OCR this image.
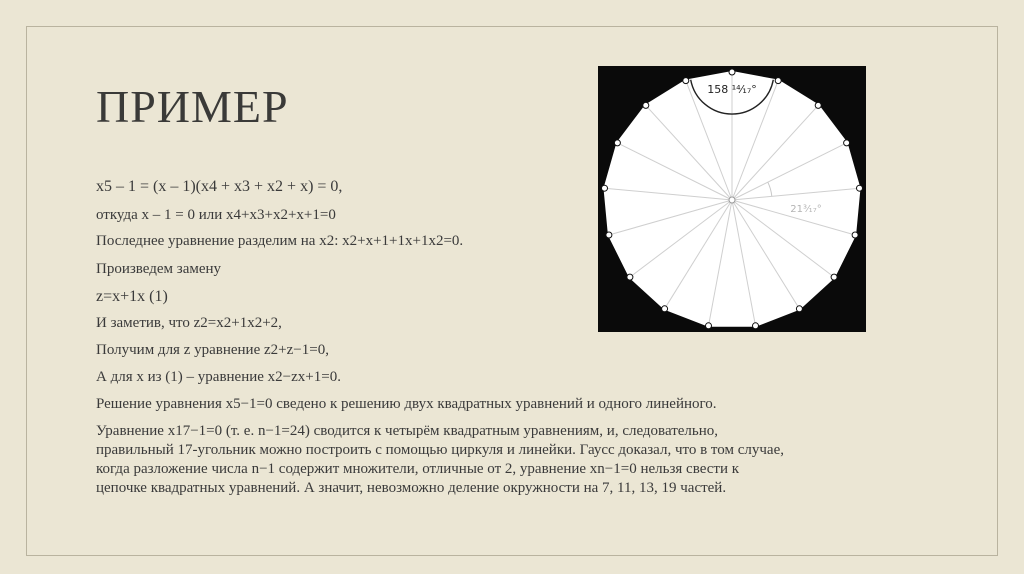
ПРИМЕР
x5 – 1 = (x – 1)(x4 + x3 + x2 + x) = 0,
откуда x – 1 = 0 или x4+x3+x2+x+1=0
Последнее уравнение разделим на x2: x2+x+1+1x+1x2=0.
Произведем замену
z=x+1x (1)
И заметив, что z2=x2+1x2+2,
Получим для z уравнение z2+z−1=0,
А для x из (1) – уравнение x2−zx+1=0.
Решение уравнения x5−1=0 сведено к решению двух квадратных уравнений и одного линейного.
Уравнение x17−1=0 (т. е. n−1=24) сводится к четырём квадратным уравнениям, и, следовательно,
правильный 17-угольник можно построить с помощью циркуля и линейки. Гаусс доказал, что в том случае,
когда разложение числа n−1 содержит множители, отличные от 2, уравнение xn−1=0 нельзя свести к
цепочке квадратных уравнений. А значит, невозможно деление окружности на 7, 11, 13, 19 частей.
158 ¹⁴⁄₁₇°
21³⁄₁₇°
